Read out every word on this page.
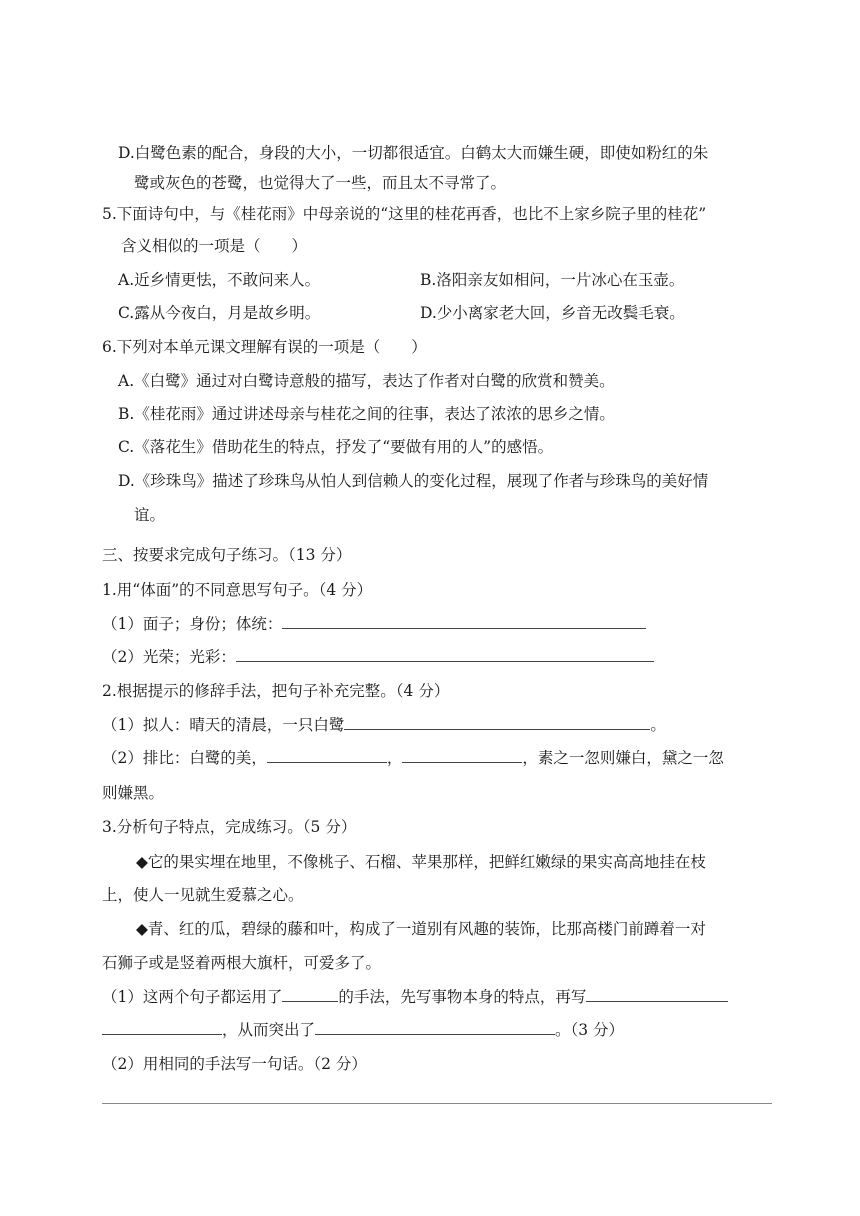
D.白鹭色素的配合，身段的大小，一切都很适宜。白鹤太大而嫌生硬，即使如粉红的朱
鹭或灰色的苍鹭，也觉得大了一些，而且太不寻常了。
5.下面诗句中，与《桂花雨》中母亲说的“这里的桂花再香，也比不上家乡院子里的桂花”
含义相似的一项是（　　）
A.近乡情更怯，不敢问来人。	B.洛阳亲友如相问，一片冰心在玉壶。
C.露从今夜白，月是故乡明。	D.少小离家老大回，乡音无改鬓毛衰。
6.下列对本单元课文理解有误的一项是（　　）
A.《白鹭》通过对白鹭诗意般的描写，表达了作者对白鹭的欣赏和赞美。
B.《桂花雨》通过讲述母亲与桂花之间的往事，表达了浓浓的思乡之情。
C.《落花生》借助花生的特点，抒发了“要做有用的人”的感悟。
D.《珍珠鸟》描述了珍珠鸟从怕人到信赖人的变化过程，展现了作者与珍珠鸟的美好情
谊。
三、按要求完成句子练习。（13 分）
1.用“体面”的不同意思写句子。（4 分）
（1）面子；身份；体统：
（2）光荣；光彩：
2.根据提示的修辞手法，把句子补充完整。（4 分）
（1）拟人：晴天的清晨，一只白鹭	。
（2）排比：白鹭的美，	，	，素之一忽则嫌白，黛之一忽
则嫌黑。
3.分析句子特点，完成练习。（5 分）
◆它的果实埋在地里，不像桃子、石榴、苹果那样，把鲜红嫩绿的果实高高地挂在枝
上，使人一见就生爱慕之心。
◆青、红的瓜，碧绿的藤和叶，构成了一道别有风趣的装饰，比那高楼门前蹲着一对
石狮子或是竖着两根大旗杆，可爱多了。
（1）这两个句子都运用了	的手法，先写事物本身的特点，再写
，从而突出了	。（3 分）
（2）用相同的手法写一句话。（2 分）
